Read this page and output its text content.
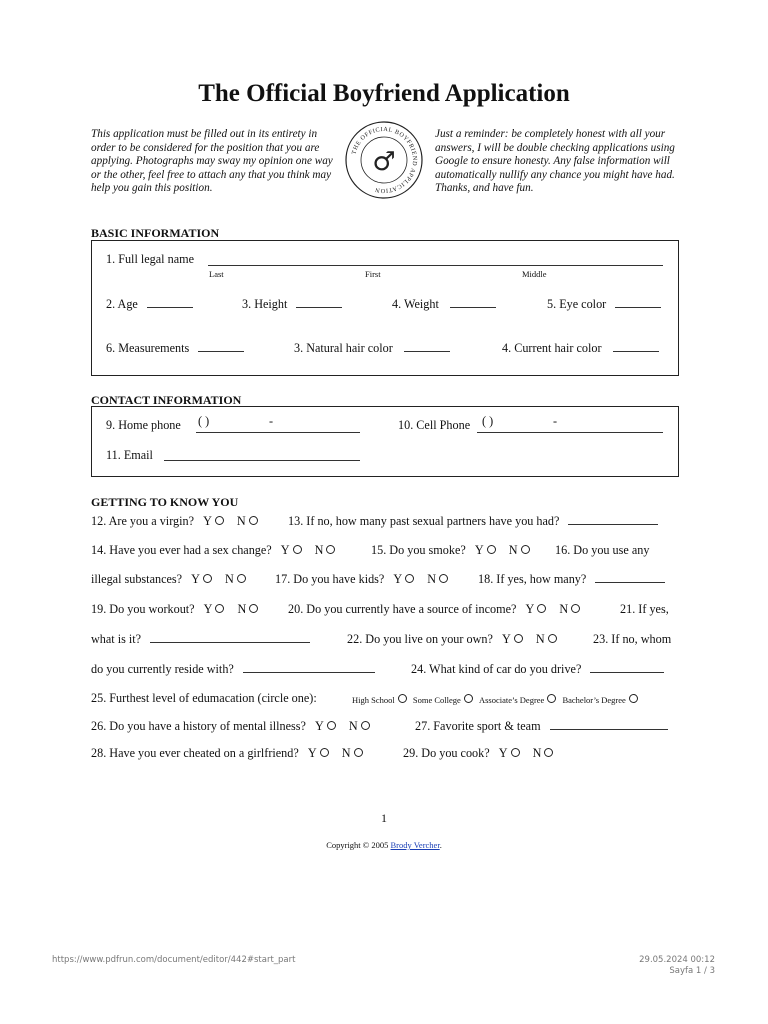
The Official Boyfriend Application
This application must be filled out in its entirety in order to be considered for the position that you are applying. Photographs may sway my opinion one way or the other, feel free to attach any that you think may help you gain this position.
THE OFFICIAL BOYFRIEND APPLICATION
♂
Just a reminder: be completely honest with all your answers, I will be double checking applications using Google to ensure honesty. Any false information will automatically nullify any chance you might have had. Thanks, and have fun.
BASIC INFORMATION
1. Full legal name
Last	First	Middle
2. Age	3. Height	4. Weight	5. Eye color
6. Measurements	3. Natural hair color	4. Current hair color
CONTACT INFORMATION
9. Home phone ( )	-	10. Cell Phone ( )	-
11. Email
GETTING TO KNOW YOU
12. Are you a virgin? Y N	13. If no, how many past sexual partners have you had?
14. Have you ever had a sex change? Y N	15. Do you smoke? Y N	16. Do you use any
illegal substances? Y N	17. Do you have kids? Y N	18. If yes, how many?
19. Do you workout? Y N	20. Do you currently have a source of income? Y N	21. If yes,
what is it?	22. Do you live on your own? Y N	23. If no, whom
do you currently reside with?	24. What kind of car do you drive?
25. Furthest level of edumacation (circle one):	High School Some College Associate’s Degree Bachelor’s Degree
26. Do you have a history of mental illness? Y N	27. Favorite sport & team
28. Have you ever cheated on a girlfriend? Y N	29. Do you cook? Y N
1
Copyright © 2005 Brody Vercher.
https://www.pdfrun.com/document/editor/442#start_part	29.05.2024 00:12
Sayfa 1 / 3
